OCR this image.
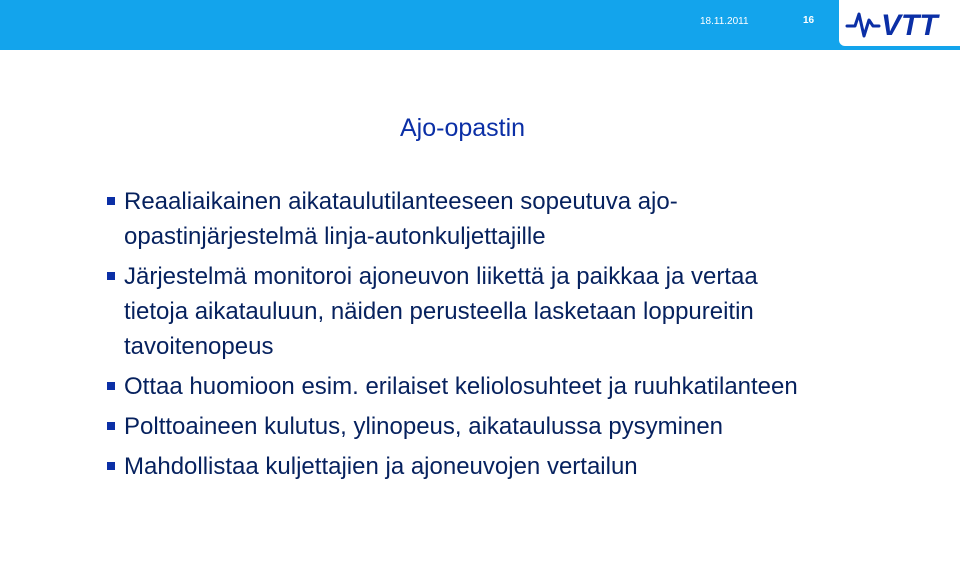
18.11.2011	16 VTT
Ajo-opastin
Reaaliaikainen aikataulutilanteeseen sopeutuva ajo-opastinjärjestelmä linja-autonkuljettajille
Järjestelmä monitoroi ajoneuvon liikettä ja paikkaa ja vertaa tietoja aikatauluun, näiden perusteella lasketaan loppureitin tavoitenopeus
Ottaa huomioon esim. erilaiset keliolosuhteet ja ruuhkatilanteen
Polttoaineen kulutus, ylinopeus, aikataulussa pysyminen
Mahdollistaa kuljettajien ja ajoneuvojen vertailun
